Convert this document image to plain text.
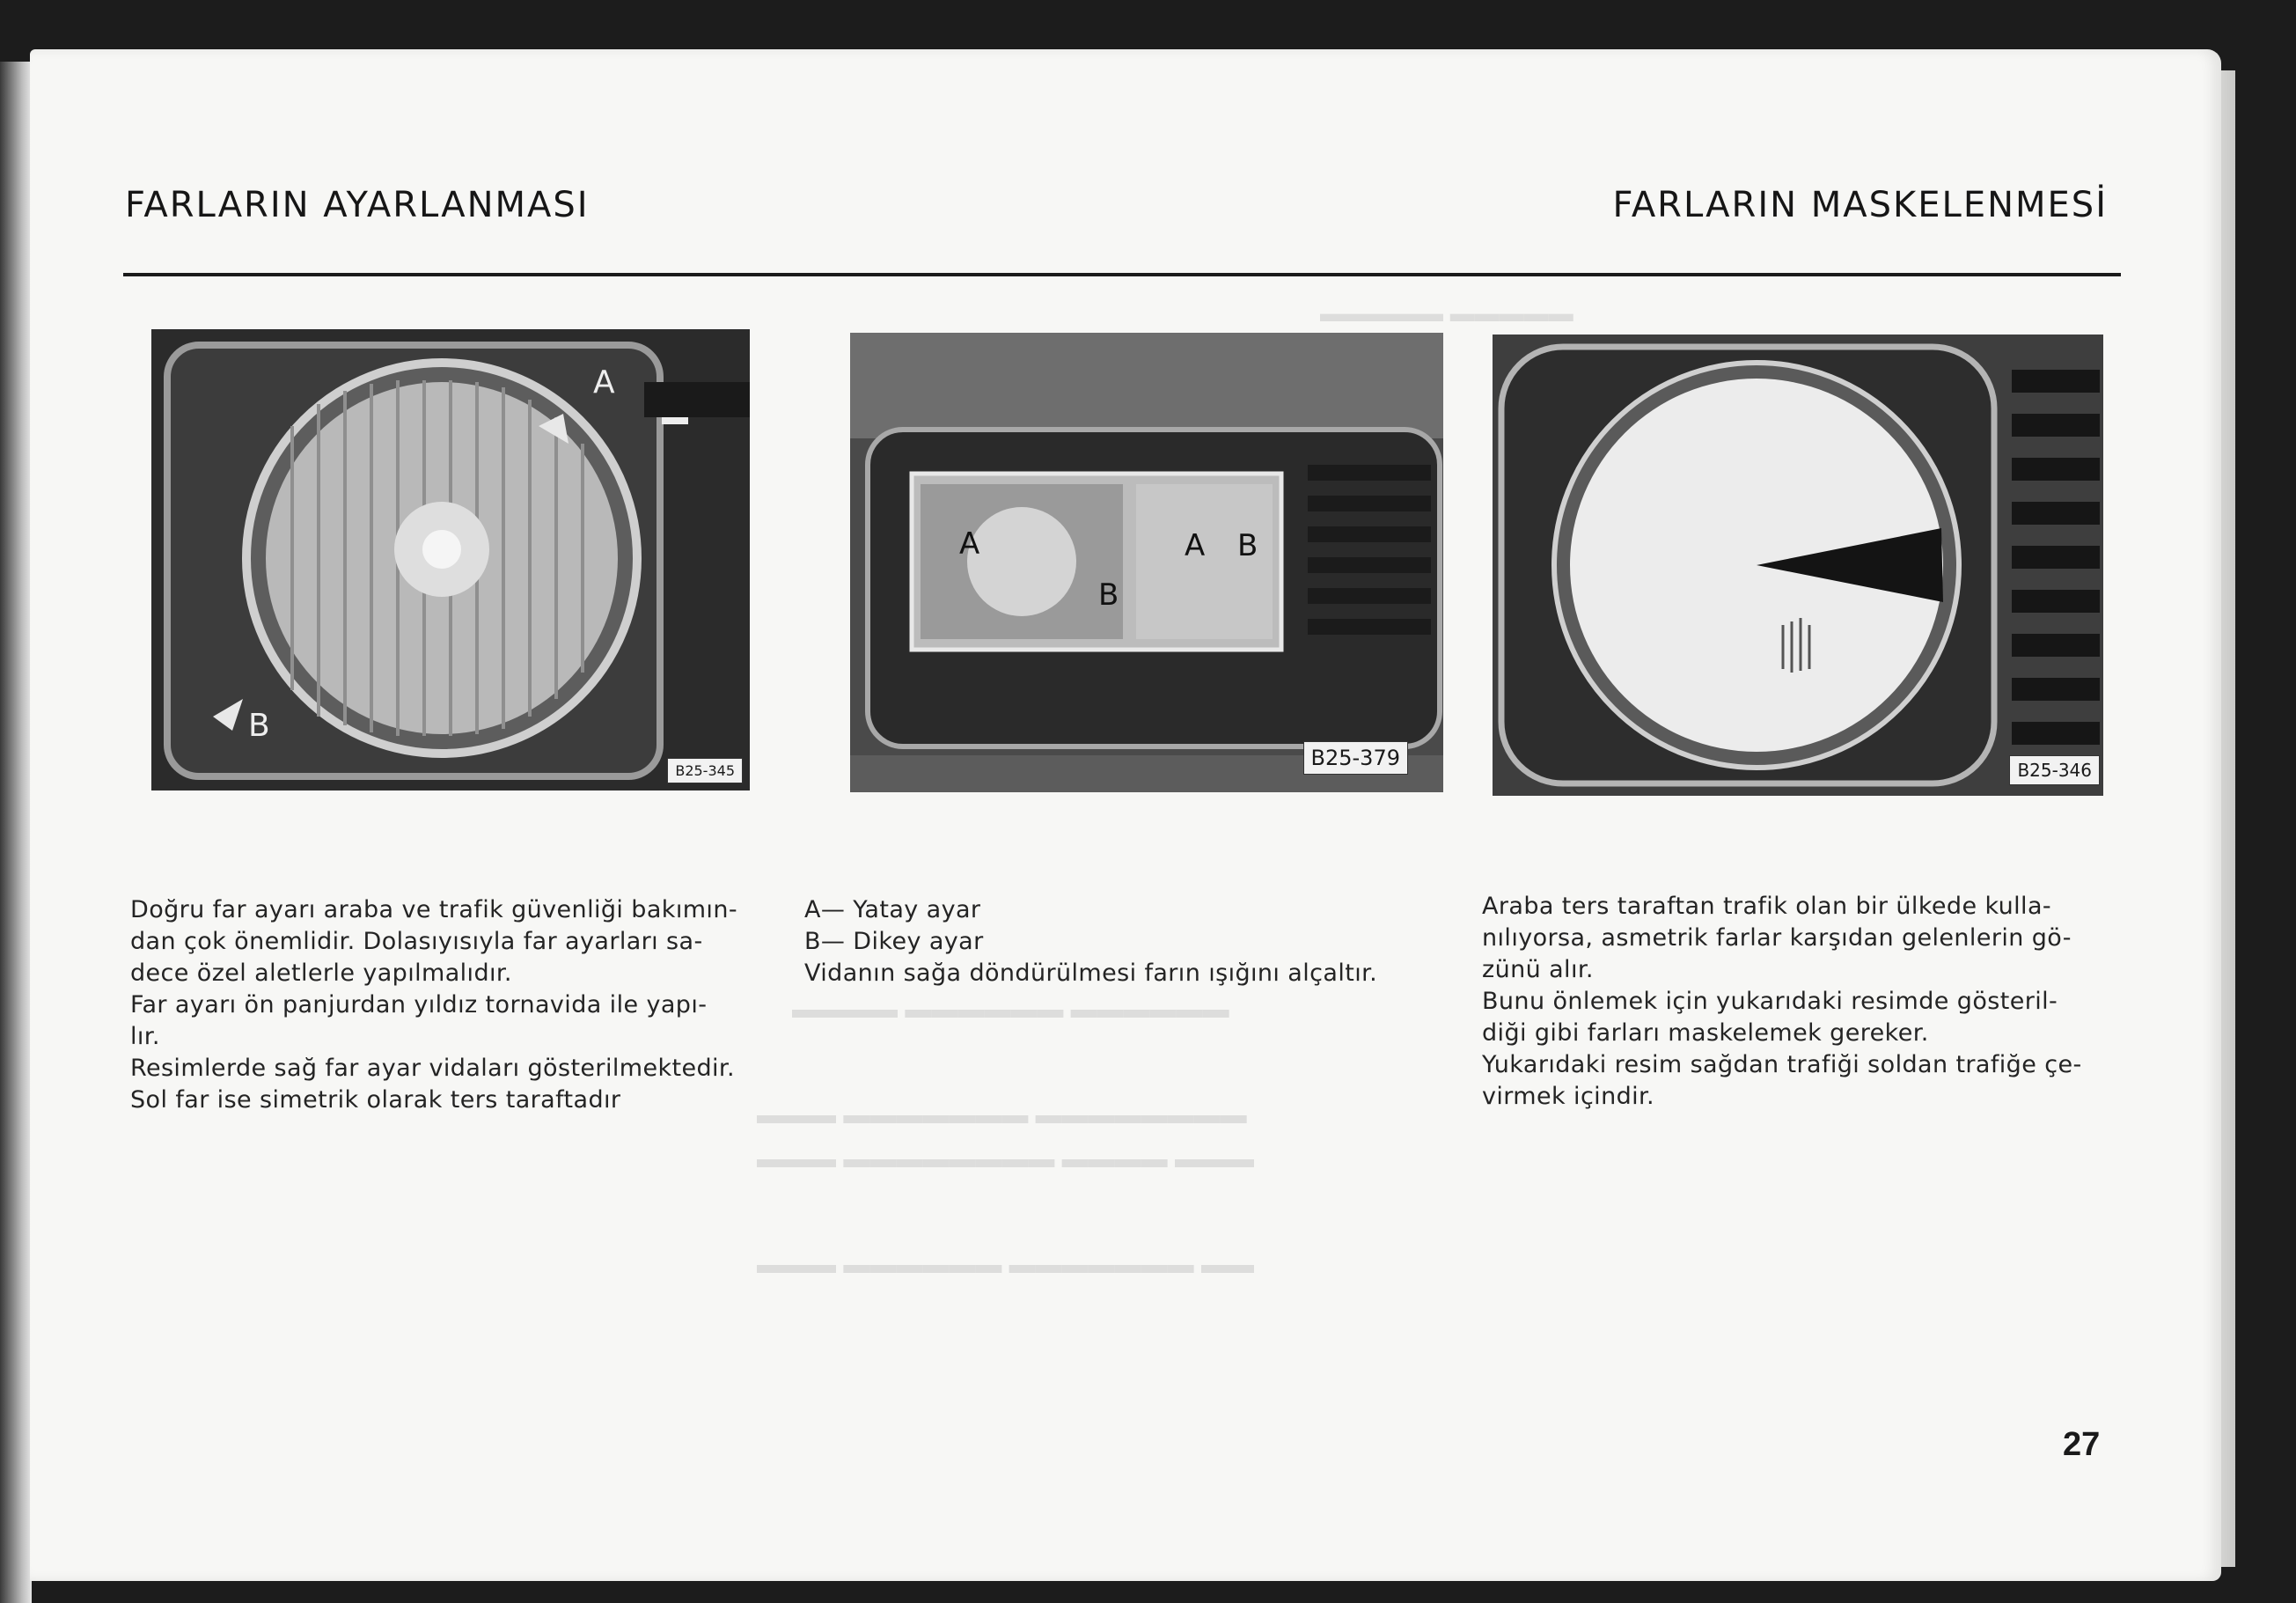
▬▬▬▬▬ ▬▬▬▬▬
▬▬▬▬ ▬▬▬▬▬▬ ▬▬▬▬▬▬
▬▬▬ ▬▬▬▬▬▬▬ ▬▬▬▬▬▬▬▬
▬▬▬ ▬▬▬▬▬▬▬▬ ▬▬▬▬ ▬▬▬
▬▬▬ ▬▬▬▬▬▬ ▬▬▬▬▬▬▬ ▬▬
FARLARIN AYARLANMASI	FARLARIN MASKELENMESİ
A
B
B25-345
A
B
A B
B25-379	B25-346

Doğru far ayarı araba ve trafik güvenliği bakımın-

dan çok önemlidir. Dolasıyısıyla far ayarları sa-

dece özel aletlerle yapılmalıdır.

Far ayarı ön panjurdan yıldız tornavida ile yapı-

lır.

Resimlerde sağ far ayar vidaları gösterilmektedir.

Sol far ise simetrik olarak ters taraftadır

A— Yatay ayar

B— Dikey ayar

Vidanın sağa döndürülmesi farın ışığını alçaltır.

Araba ters taraftan trafik olan bir ülkede kulla-

nılıyorsa, asmetrik farlar karşıdan gelenlerin gö-

zünü alır.

Bunu önlemek için yukarıdaki resimde gösteril-

diği gibi farları maskelemek gereker.

Yukarıdaki resim sağdan trafiği soldan trafiğe çe-

virmek içindir.

27
